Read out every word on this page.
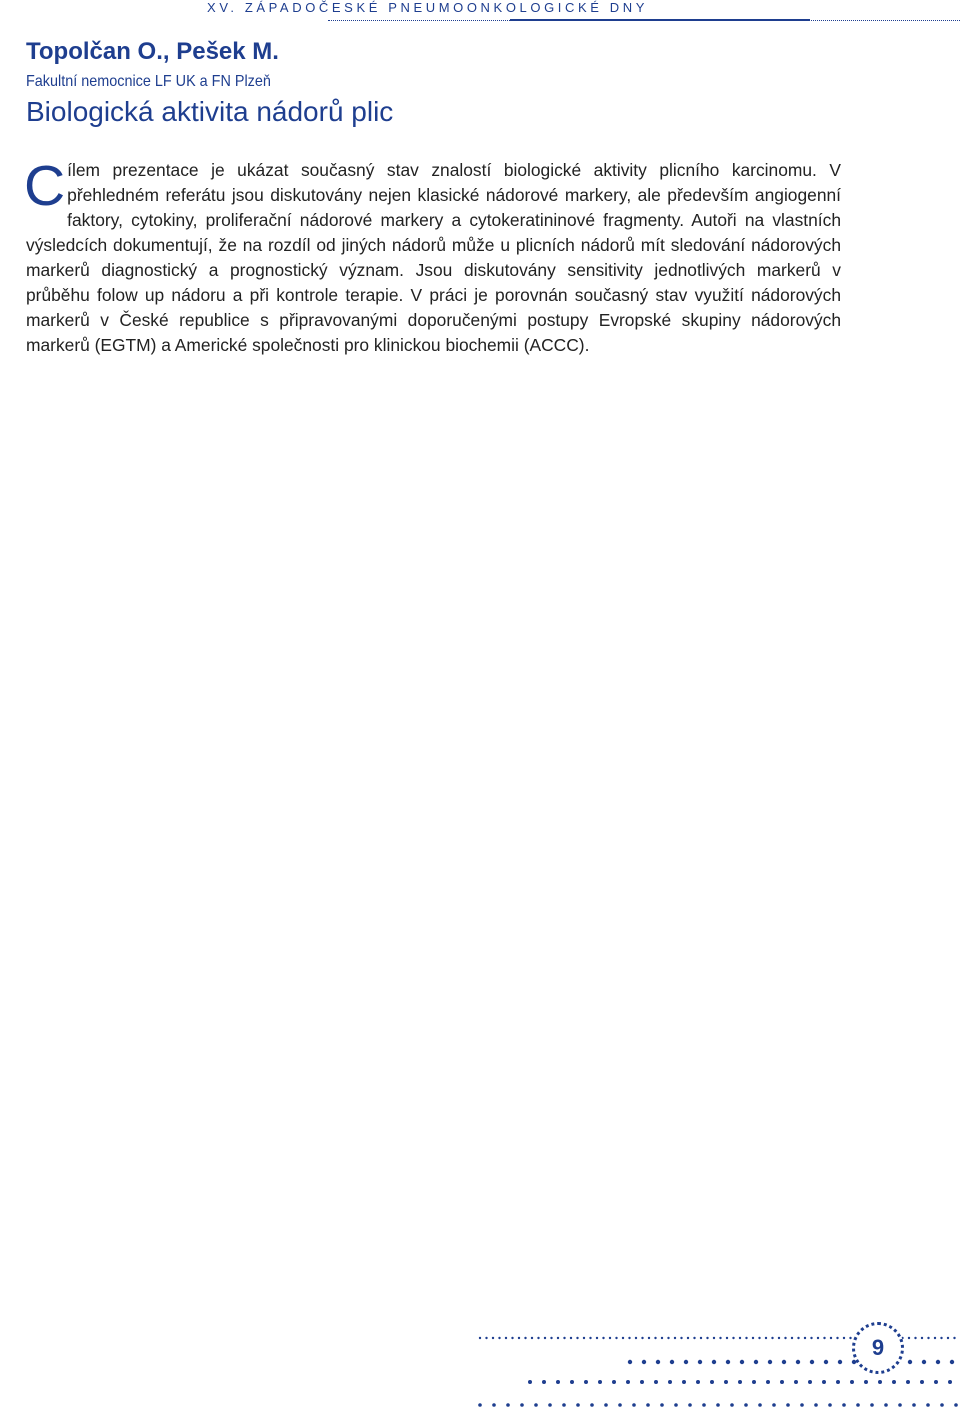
XV. ZÁPADOČESKÉ PNEUMOONKOLOGICKÉ DNY
Topolčan O., Pešek M.
Fakultní nemocnice LF UK a FN Plzeň
Biologická aktivita nádorů plic

Cílem prezentace je ukázat současný stav znalostí biologické aktivity plicního karcinomu. V přehledném referátu jsou diskutovány nejen klasické nádorové markery, ale především angiogenní faktory, cytokiny, proliferační nádorové markery a cytokeratininové fragmenty. Autoři na vlastních výsledcích dokumentují, že na rozdíl od jiných nádorů může u plicních nádorů mít sledování nádorových markerů diagnostický a prognostický význam. Jsou diskutovány sensitivity jednotlivých markerů v průběhu folow up nádoru a při kontrole terapie. V práci je porovnán současný stav využití nádorových markerů v České republice s připravovanými doporučenými postupy Evropské skupiny nádorových markerů (EGTM) a Americké společnosti pro klinickou biochemii (ACCC).

9
